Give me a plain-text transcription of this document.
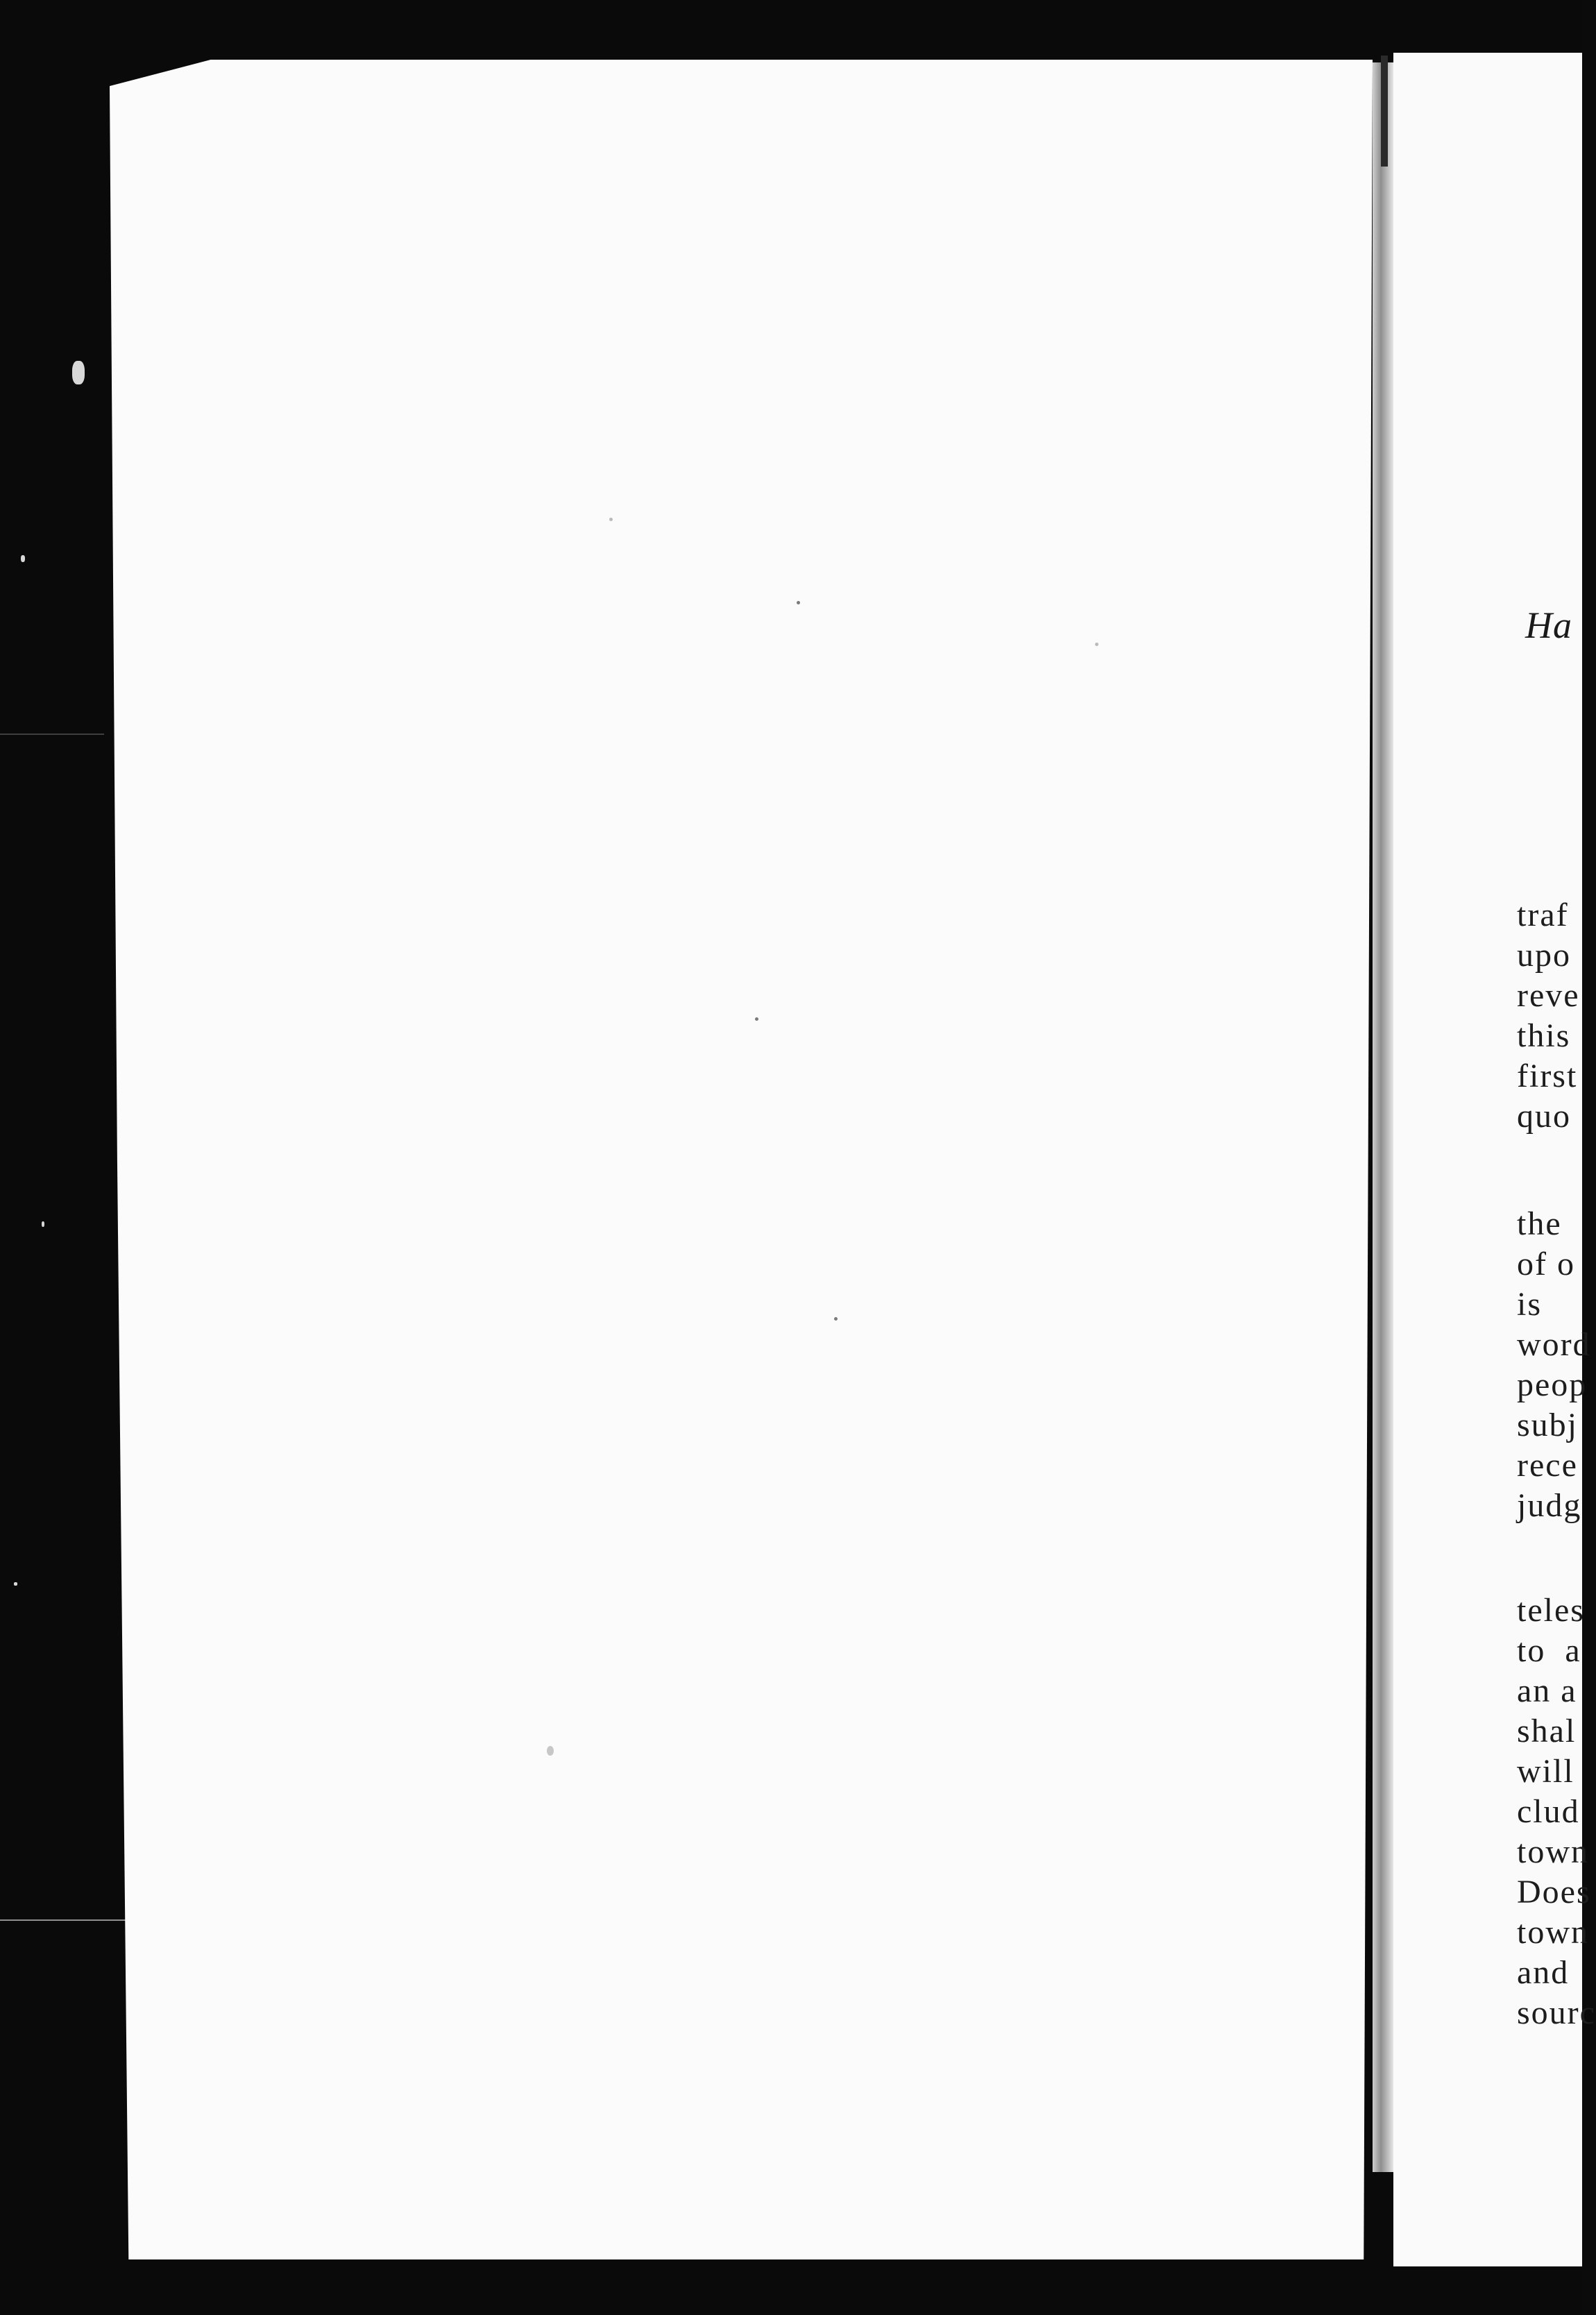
Ha
traf
upo
reve
this
first
quo
the
of o
is
word
peop
subj
rece
judg
teles
to  a
an a
shal
will
clud
town
Does
town
and
sourc
